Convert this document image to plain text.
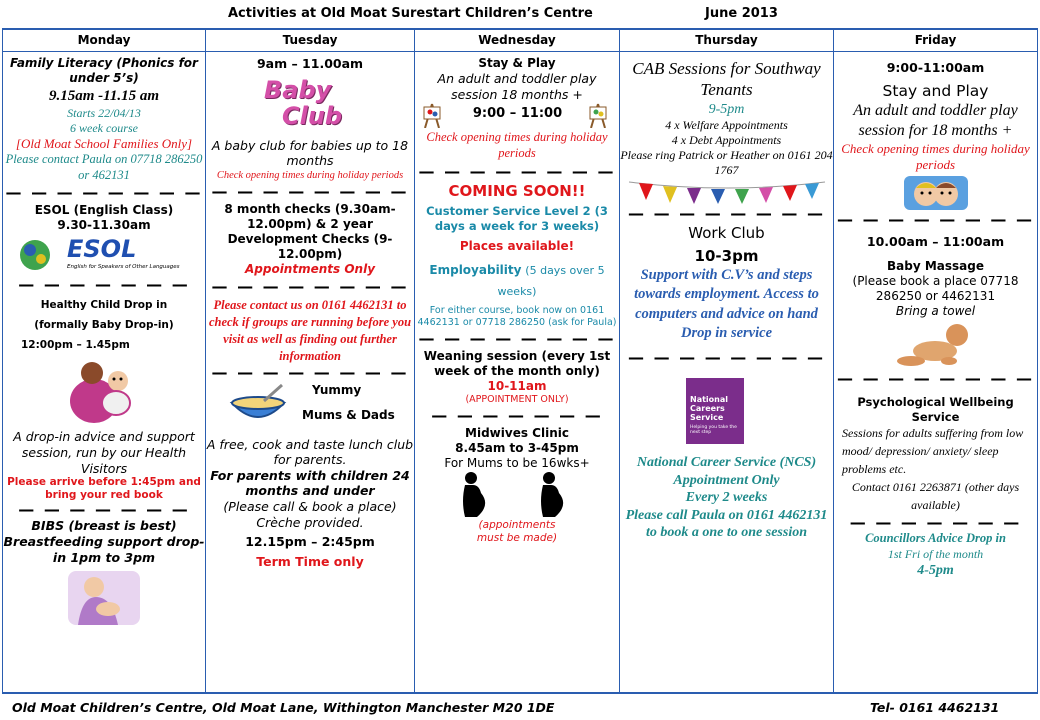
Activities at Old Moat Surestart Children’s Centre	June 2013
Monday
Family Literacy (Phonics for under 5’s)
9.15am -11.15 am
Starts 22/04/13
6 week course
[Old Moat School Families Only]
Please contact Paula on 07718 286250 or 462131
— — — — — — — —
ESOL (English Class)
9.30-11.30am
ESOL
English for Speakers of Other Languages
— — — — — — —
Healthy Child Drop in
(formally Baby Drop-in)
12:00pm – 1.45pm
A drop-in advice and support session, run by our Health Visitors
Please arrive before 1:45pm and bring your red book
— — — — — — —
BIBS (breast is best) Breastfeeding support drop-in 1pm to 3pm
Tuesday
9am – 11.00am
Baby
Club
A baby club for babies up to 18 months
Check opening times during holiday periods
— — — — — — — —
8 month checks (9.30am-12.00pm) & 2 year Development Checks (9-12.00pm)
Appointments Only
— — — — — — — —
Please contact us on 0161 4462131 to check if groups are running before you visit as well as finding out further information
— — — — — — — —
Yummy
Mums & Dads
A free, cook and taste lunch club for parents.
For parents with children 24 months and under
(Please call & book a place)
Crèche provided.
12.15pm – 2:45pm
Term Time only
Wednesday
Stay & Play
An adult and toddler play session 18 months +
9:00 – 11:00
Check opening times during holiday periods
— — — — — — — —
COMING SOON!!
Customer Service Level 2 (3 days a week for 3 weeks)
Places available!
Employability (5 days over 5 weeks)
For either course, book now on 0161 4462131 or 07718 286250 (ask for Paula)
— — — — — — — —
Weaning session (every 1st week of the month only)
10-11am
(APPOINTMENT ONLY)
— — — — — — —
Midwives Clinic
8.45am to 3-45pm
For Mums to be 16wks+
(appointments must be made)
Thursday
CAB Sessions for Southway Tenants
9-5pm
4 x Welfare Appointments
4 x Debt Appointments
Please ring Patrick or Heather on 0161 204 1767
— — — — — — — —
Work Club
10-3pm
Support with C.V’s and steps towards employment. Access to computers and advice on hand
Drop in service
— — — — — — — —
National Careers Service
Helping you take the next step
National Career Service (NCS) Appointment Only
Every 2 weeks
Please call Paula on 0161 4462131 to book a one to one session
Friday
9:00-11:00am
Stay and Play
An adult and toddler play session for 18 months +
Check opening times during holiday periods
— — — — — — — —
10.00am – 11:00am
Baby Massage
(Please book a place 07718 286250 or 4462131
Bring a towel
— — — — — — — —
Psychological Wellbeing Service
Sessions for adults suffering from low mood/ depression/ anxiety/ sleep problems etc.
Contact 0161 2263871 (other days available)
— — — — — — —
Councillors Advice Drop in
1st Fri of the month
4-5pm
Old Moat Children’s Centre, Old Moat Lane, Withington Manchester M20 1DE	Tel- 0161 4462131
